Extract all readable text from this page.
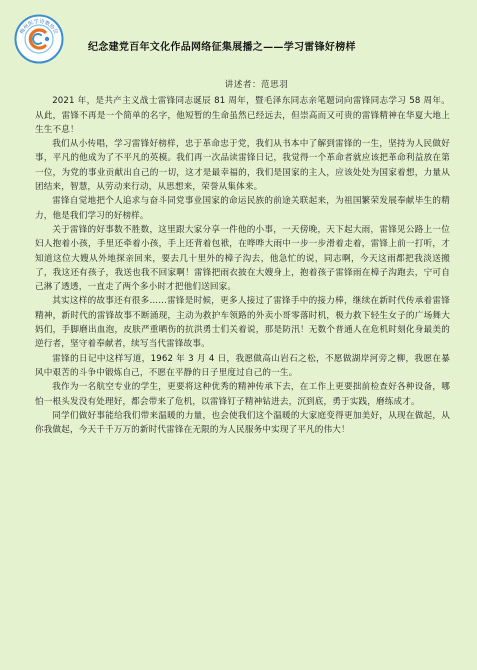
梅州医学诗歌协会
纪念建党百年文化作品网络征集展播之——学习雷锋好榜样

讲述者：范思羽

2021 年，是共产主义战士雷锋同志诞辰 81 周年，暨毛泽东同志亲笔题词向雷锋同志学习 58 周年。从此，雷锋不再是一个简单的名字，他短暂的生命虽然已经远去，但崇高而又可贵的雷锋精神在华夏大地上生生不息！

我们从小传唱，学习雷锋好榜样，忠于革命忠于党，我们从书本中了解到雷锋的一生，坚持为人民做好事，平凡的他成为了不平凡的英模。我们再一次品读雷锋日记，我觉得一个革命者就应该把革命利益放在第一位，为党的事业贡献出自己的一切，这才是最幸福的，我们是国家的主人，应该处处为国家着想，力量从团结来，智慧，从劳动来行动，从思想来，荣誉从集体来。

雷锋自觉地把个人追求与奋斗同党事业国家的命运民族的前途关联起来，为祖国繁荣发展奉献毕生的精力，他是我们学习的好榜样。

关于雷锋的好事数不胜数，这里跟大家分享一件他的小事，一天傍晚，天下起大雨，雷锋见公路上一位妇人抱着小孩，手里还牵着小孩，手上还背着包袱，在哗哗大雨中一步一步滑着走着，雷锋上前一打听，才知道这位大嫂从外地探亲回来，要去几十里外的樟子沟去，他急忙的说，同志啊，今天这雨都把我淡送搬了，我这还有孩子，我送也我不回家啊！雷锋把雨衣披在大嫂身上，抱着孩子雷锋雨在樟子沟跑去，宁可自己淋了透透，一直走了两个多小时才把他们送回家。

其实这样的故事还有很多……雷锋是时候，更多人接过了雷锋手中的接力棒，继续在新时代传承着雷锋精神，新时代的雷锋故事不断涌现，主动为救护车领路的外卖小哥零落时机，极力救下轻生女子的广场舞大妈们，手脚磨出血泡，皮肤严重晒伤的抗洪勇士们关着说，那是防汛！无数个普通人在危机时刻化身最美的逆行者，坚守着奉献者，续写当代雷锋故事。

雷锋的日记中这样写道，1962 年 3 月 4 日，我愿做高山岩石之松，不愿做湖岸河旁之柳，我愿在暴风中艰苦的斗争中锻炼自己，不愿在平静的日子里度过自己的一生。

我作为一名航空专业的学生，更要将这种优秀的精神传承下去，在工作上更要拙前检查好各种设备，哪怕一根头发没有处理好，都会带来了危机，以雷锋钉子精神钻进去，沉到底，勇于实践，磨练成才。

同学们做好事能给我们带来温暖的力量，也会使我们这个温暖的大家庭变得更加美好，从现在做起，从你我做起，今天千千万万的新时代雷锋在无限的为人民服务中实现了平凡的伟大！
